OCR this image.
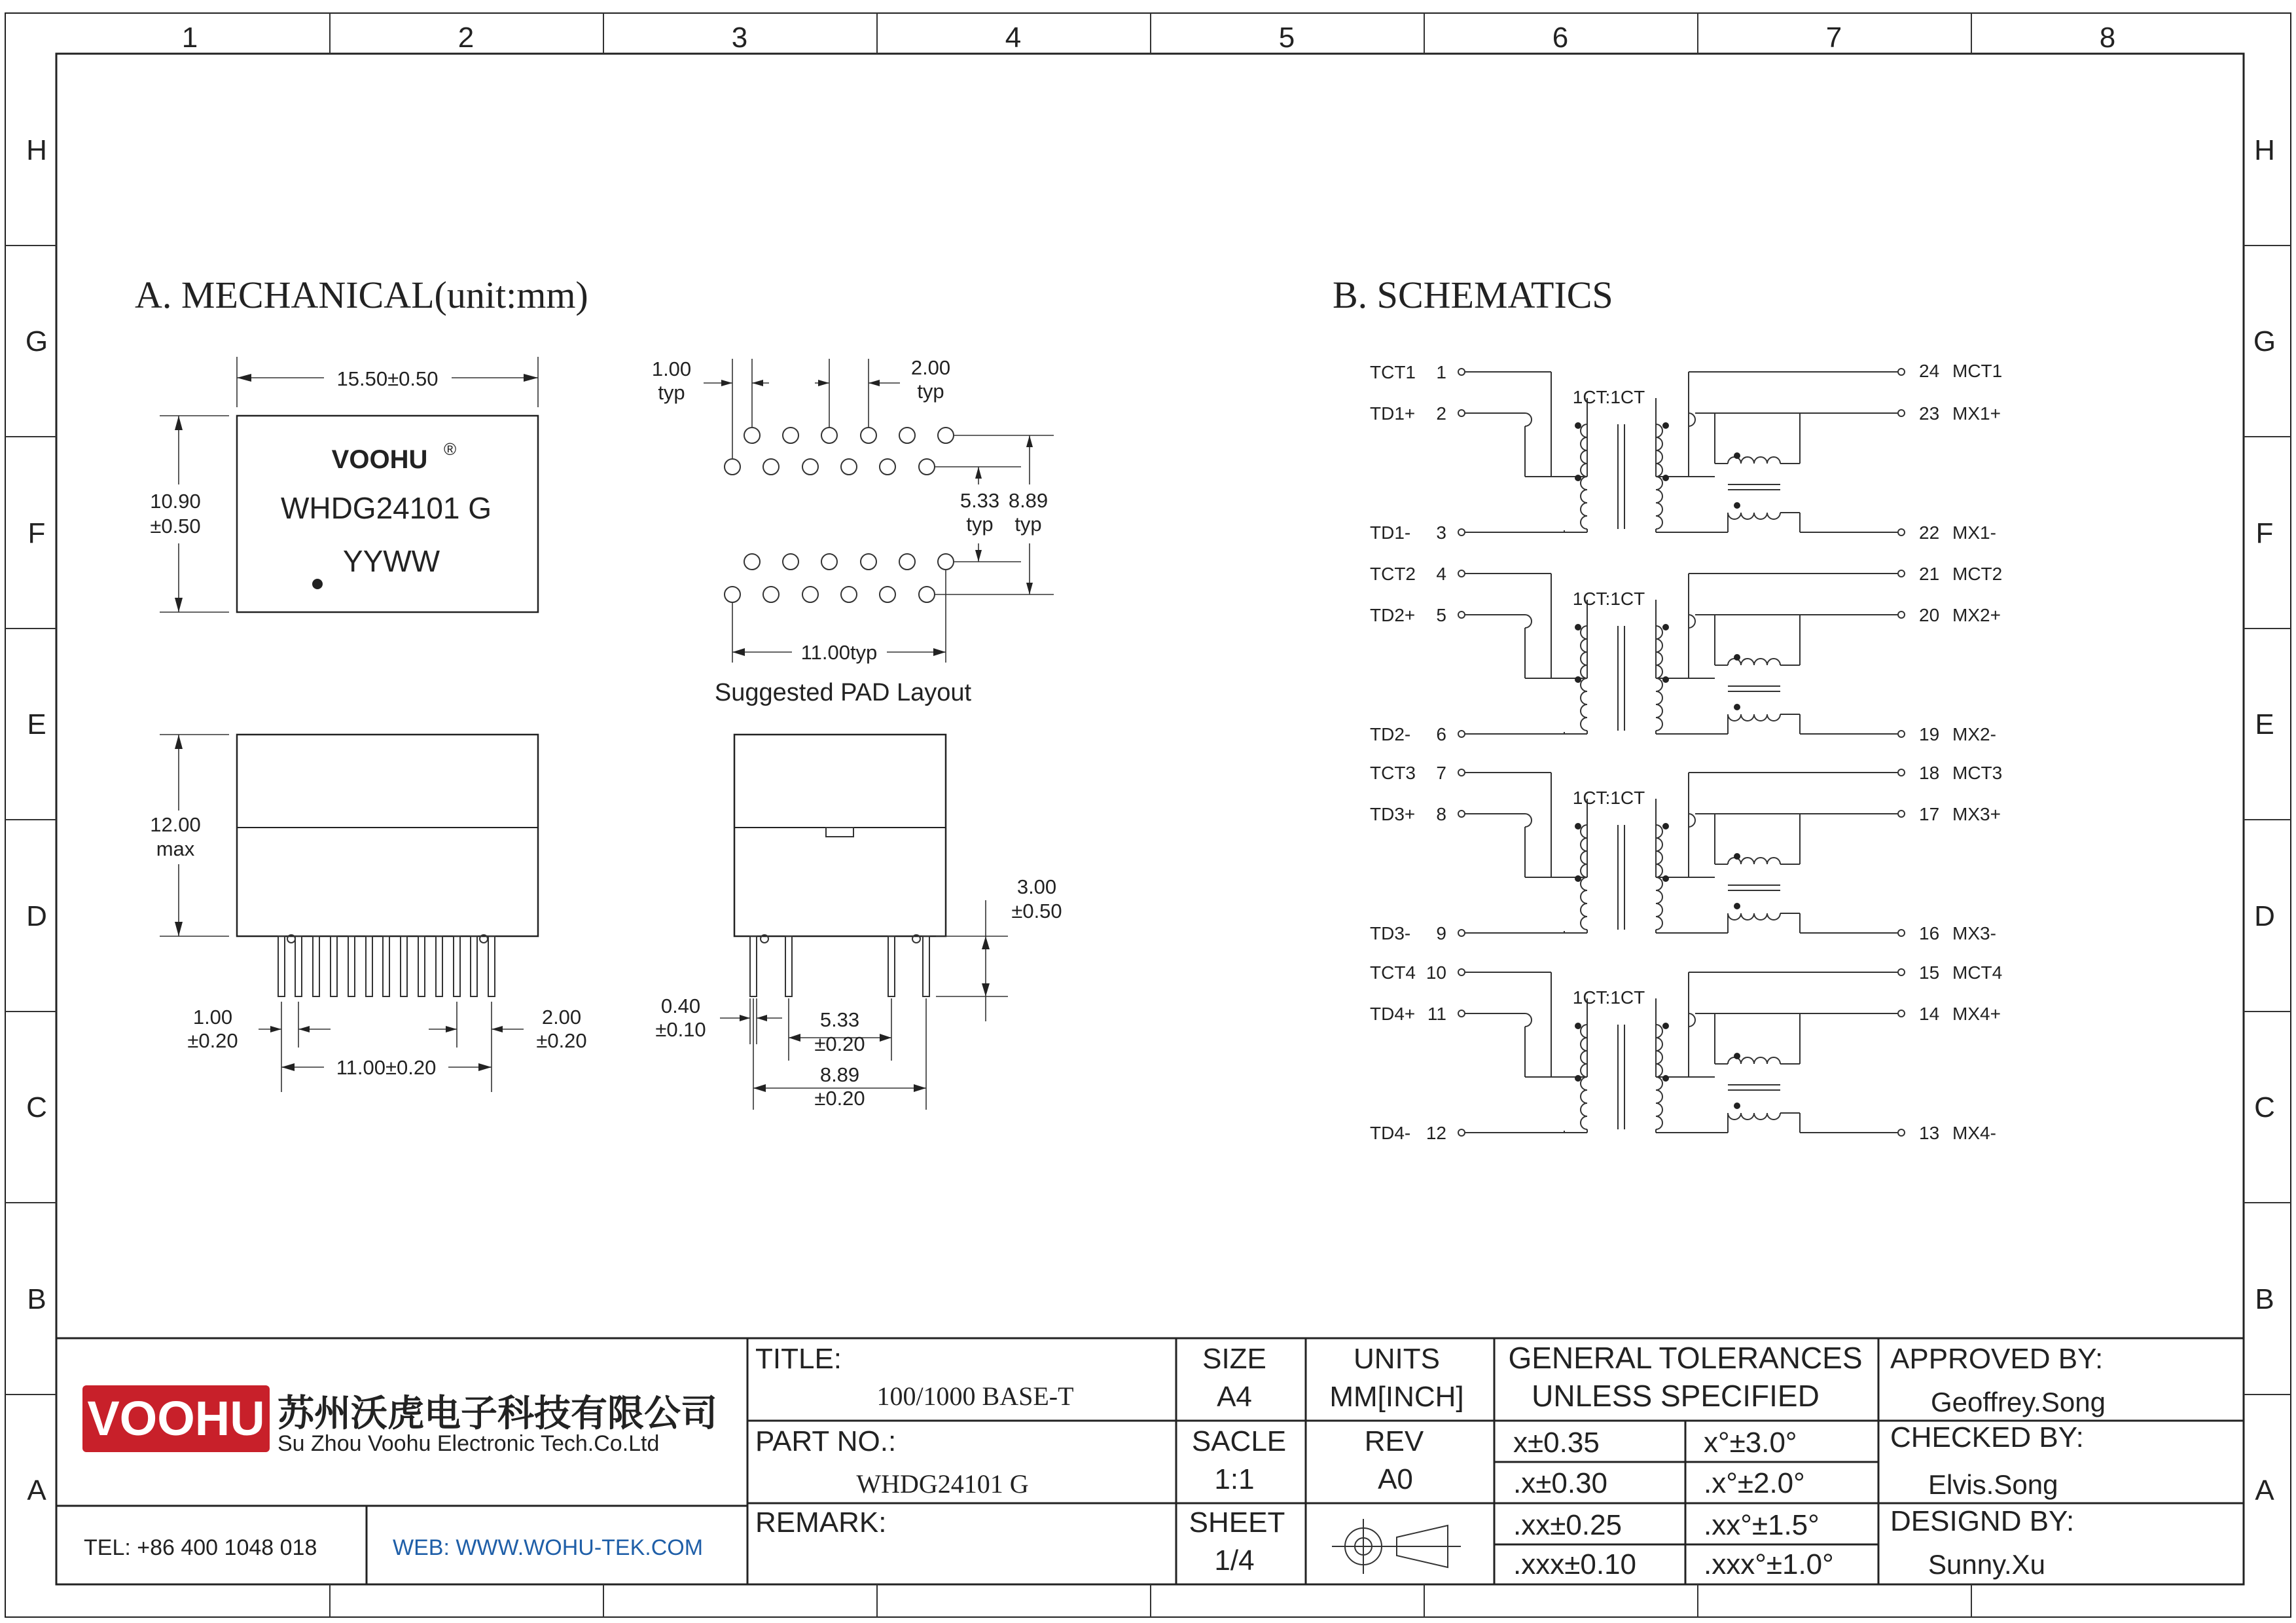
1	2	3	4	5	6	7	8
H
G
F
E
D
C
B
A
H
G
F
E
D
C
B
A
A. MECHANICAL(unit:mm)
VOOHU ®
WHDG24101 G
YYWW
15.50±0.50
10.90
±0.50
1.00
typ
2.00
typ
5.33
typ
8.89
typ
11.00typ
Suggested PAD Layout
12.00
max
1.00
±0.20
2.00
±0.20
11.00±0.20
3.00
±0.50
0.40
±0.10	5.33
±0.20
8.89
±0.20
B. SCHEMATICS
1CT:1CT
TCT1 1
TD1+ 2
TD1- 3
24 MCT1
23 MX1+
22 MX1-
1CT:1CT
TCT2 4
TD2+ 5
TD2- 6
21 MCT2
20 MX2+
19 MX2-
1CT:1CT
TCT3 7
TD3+ 8
TD3- 9
18 MCT3
17 MX3+
16 MX3-
1CT:1CT
TCT4 10
TD4+ 11
TD4- 12
15 MCT4
14 MX4+
13 MX4-
VOOHU 苏州沃虎电子科技有限公司
Su Zhou Voohu Electronic Tech.Co.Ltd
TEL: +86 400 1048 018	WEB: WWW.WOHU-TEK.COM
TITLE:
100/1000 BASE-T
PART NO.:
WHDG24101 G
REMARK:
SIZE
A4
SACLE
1:1
SHEET
1/4
UNITS
MM[INCH]
REV
A0
GENERAL TOLERANCES
UNLESS SPECIFIED
x±0.35	x°±3.0°
.x±0.30	.x°±2.0°
.xx±0.25	.xx°±1.5°
.xxx±0.10 .xxx°±1.0°
APPROVED BY:
Geoffrey.Song
CHECKED BY:
Elvis.Song
DESIGND BY:
Sunny.Xu
